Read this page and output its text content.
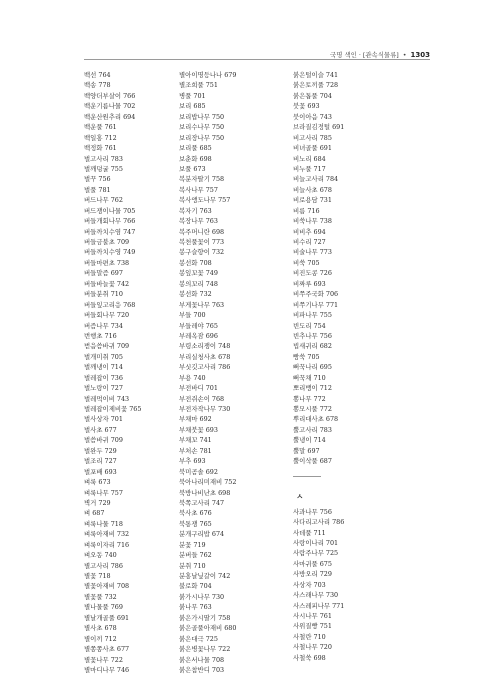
국명 색인 · [관속식물류] • 1303
백선 764
백송 778
백양더부살이 766
백운기름나물 702
백운산원추리 694
백운풀 761
백일홍 712
백정화 761
벌고사리 783
벌깨덩굴 755
벌꾸 756
벌풀 781
버드나무 762
버드쟁이나물 705
버들개회나무 766
버들까치수염 747
버들금불초 709
버들까치수영 749
버들마편초 738
버들말즘 697
버들바늘꽃 742
버들분취 710
버들잎고리응 768
버들회나무 720
버즘나무 734
번행초 716
벋음씀바귀 709
벌개미취 705
벌깨냉이 714
벌레잡이 736
벌노랑이 727
벌레먹이비 743
벌레잡이제비꽃 765
벌사상자 701
벌사초 677
벌씀바귀 709
벌완두 729
벌조리 727
벌포배 693
벼룩 673
벼룩나무 757
벽거 729
벼 687
벼룩나물 718
벼룩아재비 732
벼룩이자리 716
벼오동 740
별고사리 786
별꽃 718
별꽃아재비 708
별꽃풀 732
별나물풀 769
별날개골풀 691
별사초 678
별이끼 712
별쫑쫑사초 677
별꽃나무 722
별마디나무 746
별아이명등나나 679
별조희풀 751
병풀 701
보리 685
보리밥나무 750
보리수나무 750
보리장나무 750
보리풀 685
보춘화 698
보풀 673
복분자딸기 758
복사나무 757
복사앵도나무 757
복자기 763
복장나무 763
복주머니란 698
복천풀꽃이 773
봉구슬향이 732
봉선화 708
봉잎꼬꽃 749
봉의꼬리 748
봉선화 732
부게꽃나무 763
부들 700
부들레야 765
부레옥잠 696
부령소리쟁이 748
부리실청사초 678
부싯깃고사리 786
부용 740
부전바디 701
부전쥐손이 768
부전자작나무 730
부채마 692
부채붓꽃 693
부채꼬 741
부처손 781
부추 693
북미곰솔 692
북아나리미재비 752
북방나비난초 698
북쪽고사리 747
북사초 676
북통쟁 765
분개구리밥 674
분꽃 719
분버들 762
분취 710
분홍날닢갈이 742
불로화 704
붉가시나무 730
붉나무 763
붉은가시딸기 758
붉은골풀아재비 680
붉은대극 725
붉은병꽃나무 722
붉은서나물 708
붉은참반디 703
붉은털이슬 741
붉은토끼풀 728
붉은톱풀 704
붓꽃 693
붓이아음 743
브라질김정털 691
비고사리 785
비녀골풀 691
비노리 684
비누풀 717
비늘고사리 784
비늘사초 678
비로용담 731
비름 716
비쑥나무 738
비비추 694
비수리 727
비술나무 773
비쑥 705
비진도콩 726
비짜루 693
비쭈주국화 706
비쭈기나무 771
비파나무 755
빈도리 754
빈추나무 756
빕새귀리 682
빵쑥 705
뻐꾹나리 695
뻐꾹채 710
뽀리뱅이 712
뽕나무 772
뽕모시풀 772
뿌리대사초 678
뿔고사리 783
뿔냉이 714
뿔말 697
뿔이삭풀 687
ㅅ
사과나무 756
사다리고사리 786
사데풀 711
사랑이나리 701
사람주나무 725
사마귀풀 675
사방오리 729
사상자 703
사스래나무 730
사스레피나무 771
사시나무 761
사위질빵 751
사철란 710
사철나무 720
사철쑥 698
